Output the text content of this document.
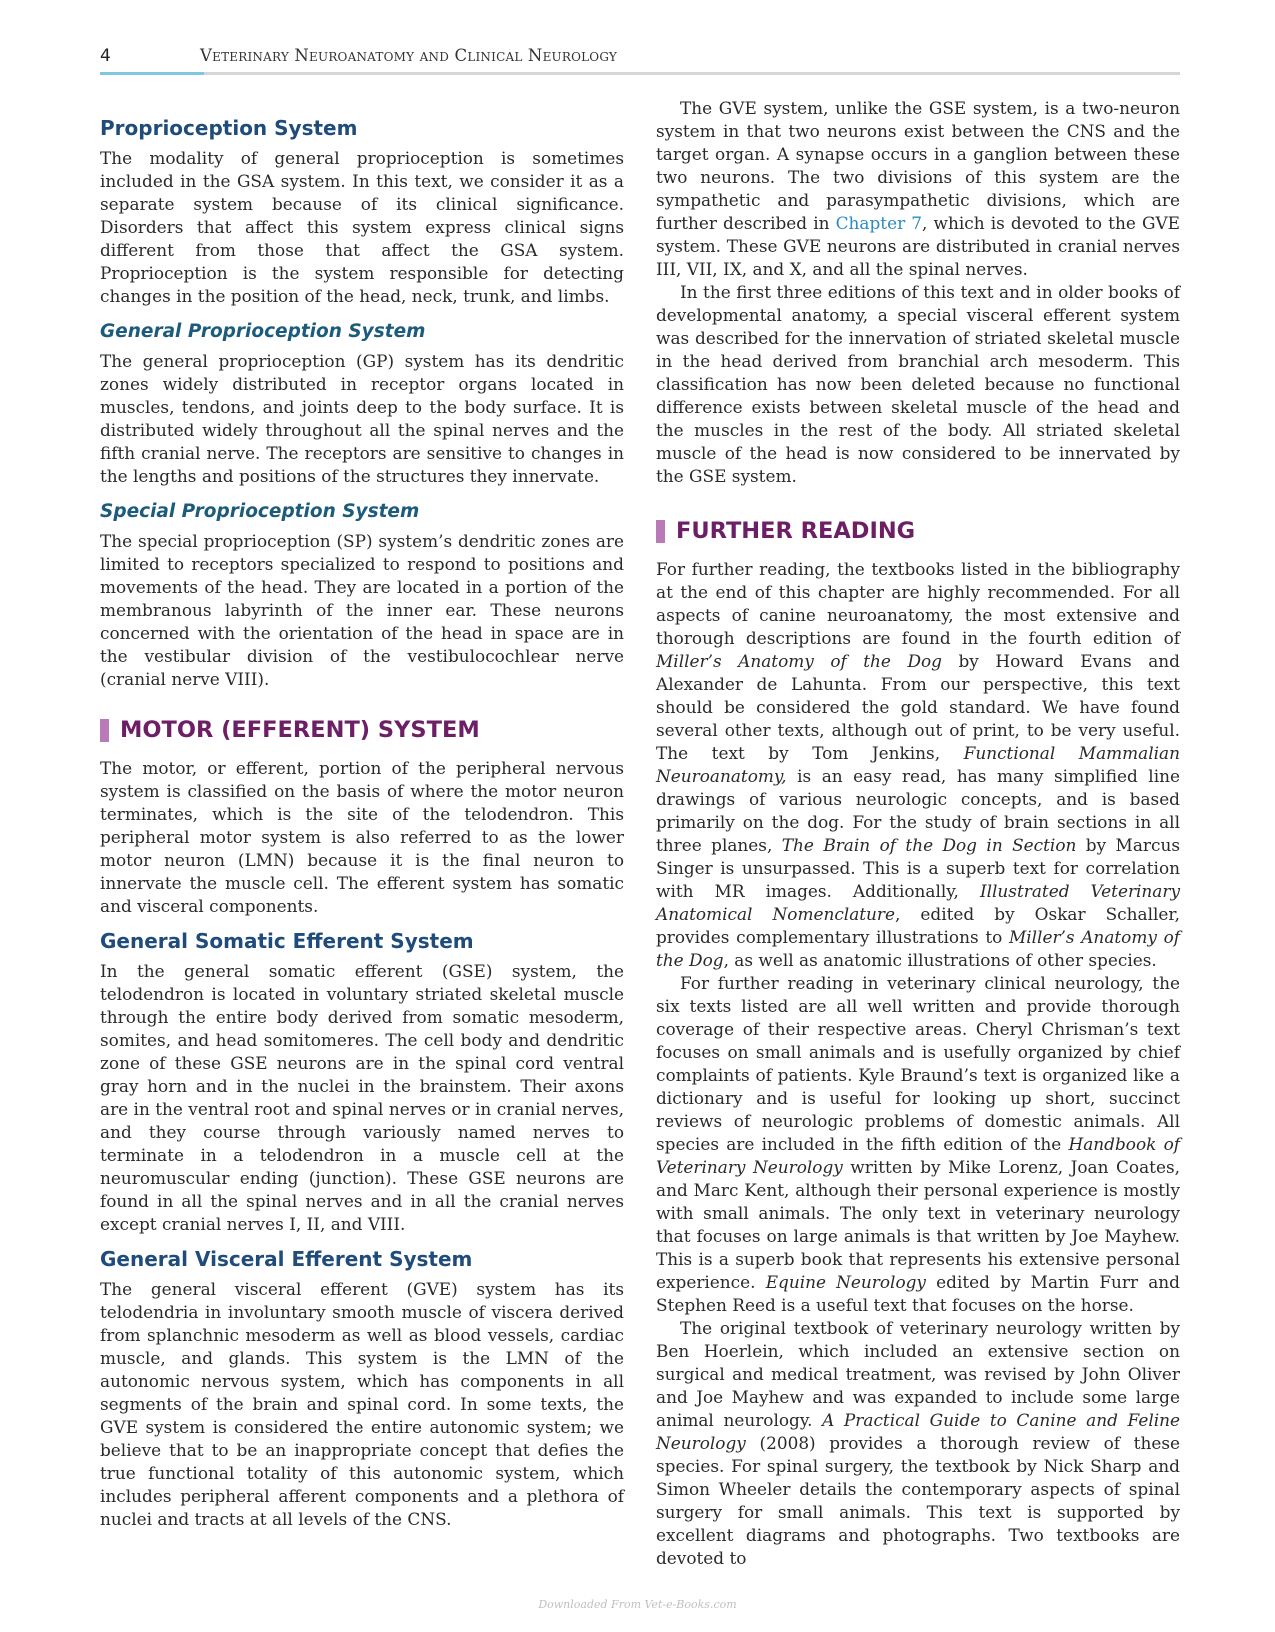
4	Veterinary Neuroanatomy and Clinical Neurology
Proprioception System

The modality of general proprioception is sometimes included in the GSA system. In this text, we consider it as a separate system because of its clinical significance. Disorders that affect this system express clinical signs different from those that affect the GSA system. Proprioception is the system responsible for detecting changes in the position of the head, neck, trunk, and limbs.

General Proprioception System

The general proprioception (GP) system has its dendritic zones widely distributed in receptor organs located in muscles, tendons, and joints deep to the body surface. It is distributed widely throughout all the spinal nerves and the fifth cranial nerve. The receptors are sensitive to changes in the lengths and positions of the structures they innervate.

Special Proprioception System

The special proprioception (SP) system’s dendritic zones are limited to receptors specialized to respond to positions and movements of the head. They are located in a portion of the membranous labyrinth of the inner ear. These neurons concerned with the orientation of the head in space are in the vestibular division of the vestibulocochlear nerve (cranial nerve VIII).

MOTOR (EFFERENT) SYSTEM

The motor, or efferent, portion of the peripheral nervous system is classified on the basis of where the motor neuron terminates, which is the site of the telodendron. This peripheral motor system is also referred to as the lower motor neuron (LMN) because it is the final neuron to innervate the muscle cell. The efferent system has somatic and visceral components.

General Somatic Efferent System

In the general somatic efferent (GSE) system, the telodendron is located in voluntary striated skeletal muscle through the entire body derived from somatic mesoderm, somites, and head somitomeres. The cell body and dendritic zone of these GSE neurons are in the spinal cord ventral gray horn and in the nuclei in the brainstem. Their axons are in the ventral root and spinal nerves or in cranial nerves, and they course through variously named nerves to terminate in a telodendron in a muscle cell at the neuromuscular ending (junction). These GSE neurons are found in all the spinal nerves and in all the cranial nerves except cranial nerves I, II, and VIII.

General Visceral Efferent System

The general visceral efferent (GVE) system has its telodendria in involuntary smooth muscle of viscera derived from splanchnic mesoderm as well as blood vessels, cardiac muscle, and glands. This system is the LMN of the autonomic nervous system, which has components in all segments of the brain and spinal cord. In some texts, the GVE system is considered the entire autonomic system; we believe that to be an inappropriate concept that defies the true functional totality of this autonomic system, which includes peripheral afferent components and a plethora of nuclei and tracts at all levels of the CNS.

The GVE system, unlike the GSE system, is a two-neuron system in that two neurons exist between the CNS and the target organ. A synapse occurs in a ganglion between these two neurons. The two divisions of this system are the sympathetic and parasympathetic divisions, which are further described in Chapter 7, which is devoted to the GVE system. These GVE neurons are distributed in cranial nerves III, VII, IX, and X, and all the spinal nerves.

In the first three editions of this text and in older books of developmental anatomy, a special visceral efferent system was described for the innervation of striated skeletal muscle in the head derived from branchial arch mesoderm. This classification has now been deleted because no functional difference exists between skeletal muscle of the head and the muscles in the rest of the body. All striated skeletal muscle of the head is now considered to be innervated by the GSE system.

FURTHER READING

For further reading, the textbooks listed in the bibliography at the end of this chapter are highly recommended. For all aspects of canine neuroanatomy, the most extensive and thorough descriptions are found in the fourth edition of Miller’s Anatomy of the Dog by Howard Evans and Alexander de Lahunta. From our perspective, this text should be considered the gold standard. We have found several other texts, although out of print, to be very useful. The text by Tom Jenkins, Functional Mammalian Neuroanatomy, is an easy read, has many simplified line drawings of various neurologic concepts, and is based primarily on the dog. For the study of brain sections in all three planes, The Brain of the Dog in Section by Marcus Singer is unsurpassed. This is a superb text for correlation with MR images. Additionally, Illustrated Veterinary Anatomical Nomenclature, edited by Oskar Schaller, provides complementary illustrations to Miller’s Anatomy of the Dog, as well as anatomic illustrations of other species.

For further reading in veterinary clinical neurology, the six texts listed are all well written and provide thorough coverage of their respective areas. Cheryl Chrisman’s text focuses on small animals and is usefully organized by chief complaints of patients. Kyle Braund’s text is organized like a dictionary and is useful for looking up short, succinct reviews of neurologic problems of domestic animals. All species are included in the fifth edition of the Handbook of Veterinary Neurology written by Mike Lorenz, Joan Coates, and Marc Kent, although their personal experience is mostly with small animals. The only text in veterinary neurology that focuses on large animals is that written by Joe Mayhew. This is a superb book that represents his extensive personal experience. Equine Neurology edited by Martin Furr and Stephen Reed is a useful text that focuses on the horse.

The original textbook of veterinary neurology written by Ben Hoerlein, which included an extensive section on surgical and medical treatment, was revised by John Oliver and Joe Mayhew and was expanded to include some large animal neurology. A Practical Guide to Canine and Feline Neurology (2008) provides a thorough review of these species. For spinal surgery, the textbook by Nick Sharp and Simon Wheeler details the contemporary aspects of spinal surgery for small animals. This text is supported by excellent diagrams and photographs. Two textbooks are devoted to

Downloaded From Vet-e-Books.com
